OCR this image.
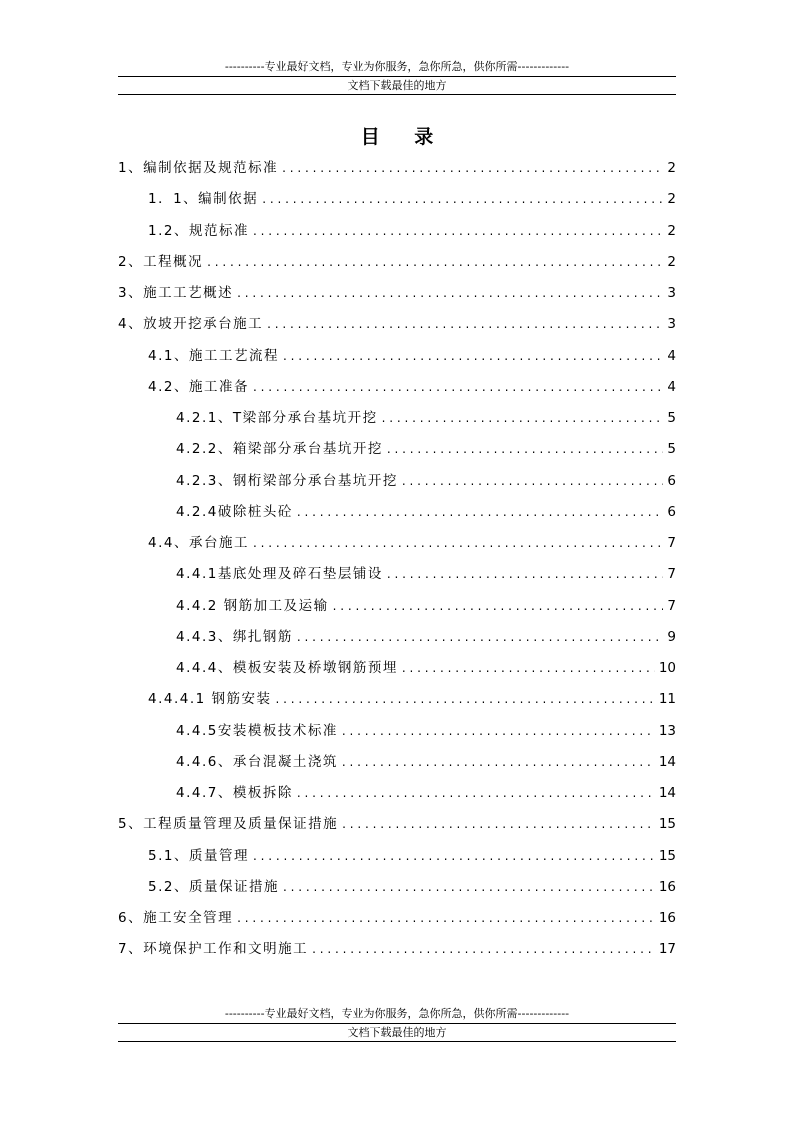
----------专业最好文档，专业为你服务，急你所急，供你所需-------------
文档下载最佳的地方
目 录
1、编制依据及规范标准 . . .	2
1．1、编制依据 . . .	2
1.2、规范标准 . . .	2
2、工程概况 . . .	2
3、施工工艺概述 . . .	3
4、放坡开挖承台施工 . . .	3
4.1、施工工艺流程 . . .	4
4.2、施工准备 . . .	4
4.2.1、T梁部分承台基坑开挖 . . .	5
4.2.2、箱梁部分承台基坑开挖 . . .	5
4.2.3、钢桁梁部分承台基坑开挖 . . .	6
4.2.4破除桩头砼 . . .	6
4.4、承台施工 . . .	7
4.4.1基底处理及碎石垫层铺设 . . .	7
4.4.2 钢筋加工及运输 . . .	7
4.4.3、绑扎钢筋 . . .	9
4.4.4、模板安装及桥墩钢筋预埋 . . .	10
4.4.4.1 钢筋安装 . . .	11
4.4.5安装模板技术标准 . . .	13
4.4.6、承台混凝土浇筑 . . .	14
4.4.7、模板拆除 . . .	14
5、工程质量管理及质量保证措施 . . .	15
5.1、质量管理 . . .	15
5.2、质量保证措施 . . .	16
6、施工安全管理 . . .	16
7、环境保护工作和文明施工 . . .	17
----------专业最好文档，专业为你服务，急你所急，供你所需-------------
文档下载最佳的地方
